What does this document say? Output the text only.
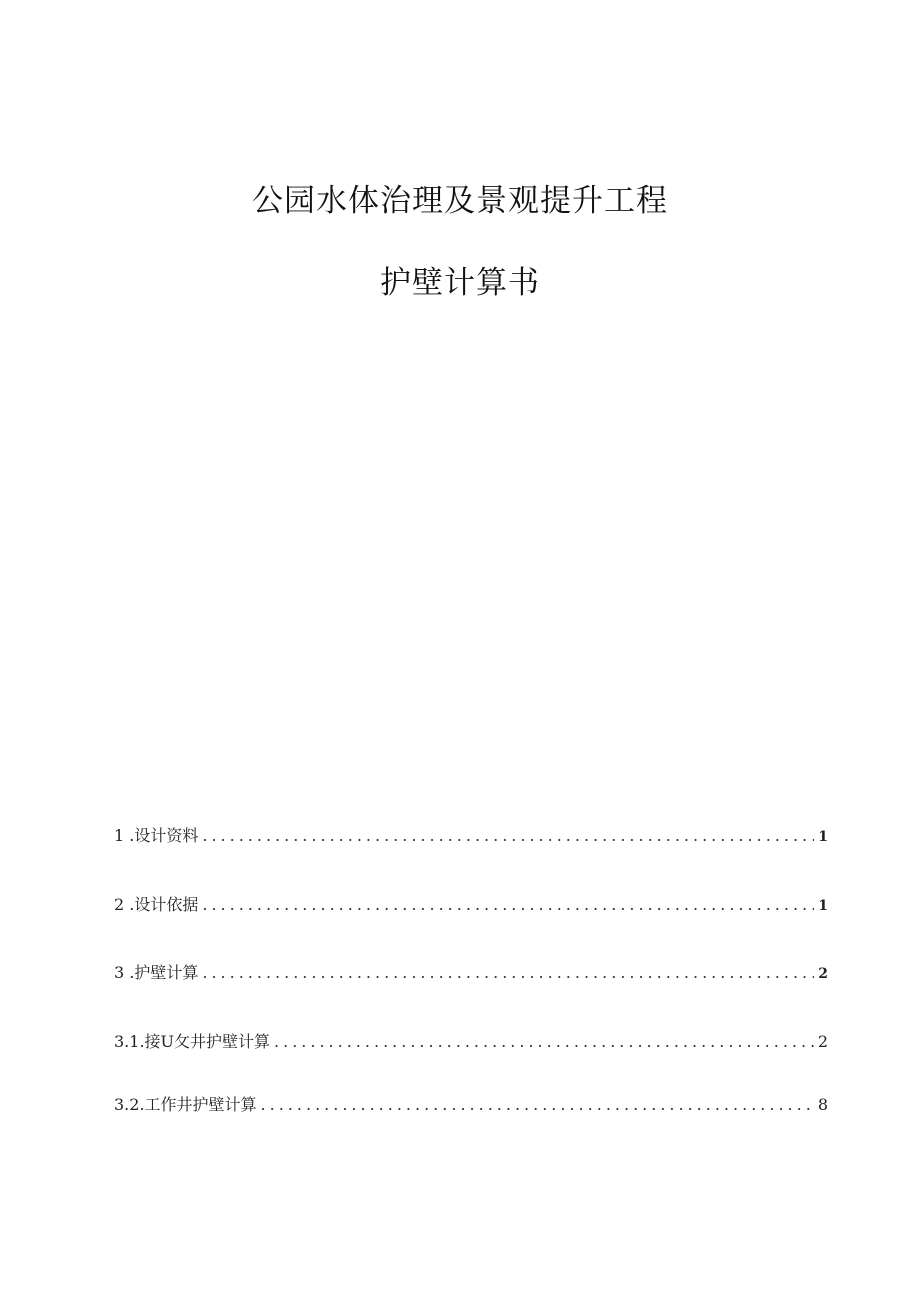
公园水体治理及景观提升工程
护壁计算书
1 .设计资料 .....	1
2 .设计依据 .....	1
3 .护壁计算 .....	2
3.1.接U攵井护壁计算 .....	2
3.2.工作井护壁计算 .....	8
